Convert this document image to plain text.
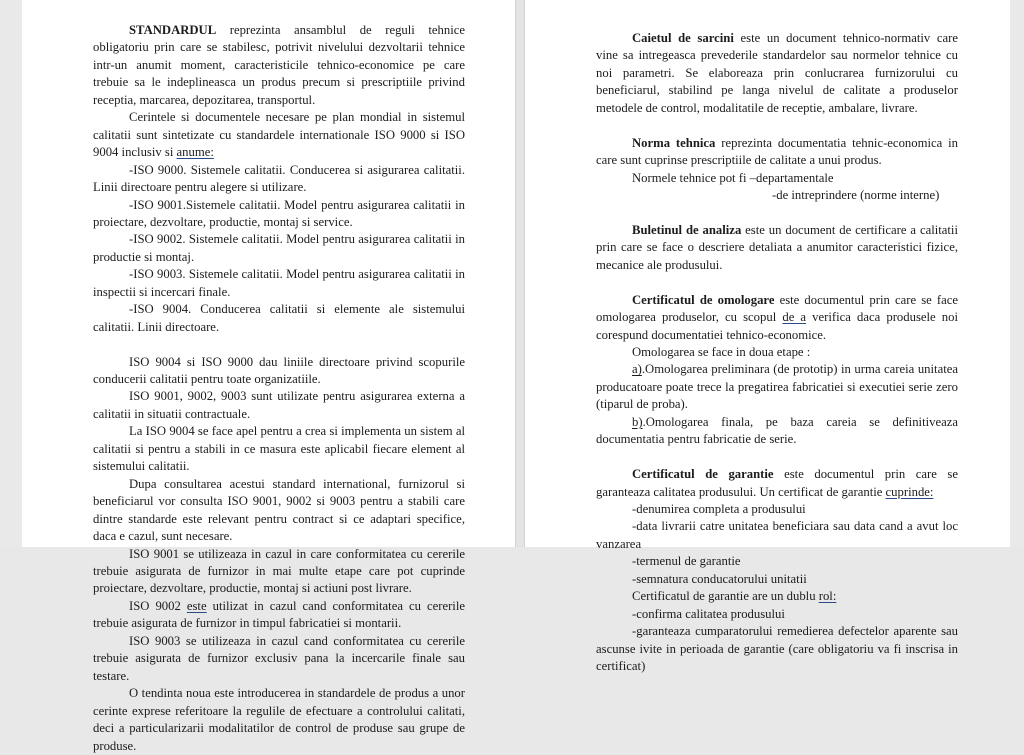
STANDARDUL reprezinta ansamblul de reguli tehnice obligatoriu prin care se stabilesc, potrivit nivelului dezvoltarii tehnice intr-un anumit moment, caracteristicile tehnico-economice pe care trebuie sa le indeplineasca un produs precum si prescriptiile privind receptia, marcarea, depozitarea, transportul.

Cerintele si documentele necesare pe plan mondial in sistemul calitatii sunt sintetizate cu standardele internationale ISO 9000 si ISO 9004 inclusiv si anume:

-ISO 9000. Sistemele calitatii. Conducerea si asigurarea calitatii. Linii directoare pentru alegere si utilizare.

-ISO 9001.Sistemele calitatii. Model pentru asigurarea calitatii in proiectare, dezvoltare, productie, montaj si service.

-ISO 9002. Sistemele calitatii. Model pentru asigurarea calitatii in productie si montaj.

-ISO 9003. Sistemele calitatii. Model pentru asigurarea calitatii in inspectii si incercari finale.

-ISO 9004. Conducerea calitatii si elemente ale sistemului calitatii. Linii directoare.

ISO 9004 si ISO 9000 dau liniile directoare privind scopurile conducerii calitatii pentru toate organizatiile.

ISO 9001, 9002, 9003 sunt utilizate pentru asigurarea externa a calitatii in situatii contractuale.

La ISO 9004 se face apel pentru a crea si implementa un sistem al calitatii si pentru a stabili in ce masura este aplicabil fiecare element al sistemului calitatii.

Dupa consultarea acestui standard international, furnizorul si beneficiarul vor consulta ISO 9001, 9002 si 9003 pentru a stabili care dintre standarde este relevant pentru contract si ce adaptari specifice, daca e cazul, sunt necesare.

ISO 9001 se utilizeaza in cazul in care conformitatea cu cererile trebuie asigurata de furnizor in mai multe etape care pot cuprinde proiectare, dezvoltare, productie, montaj si actiuni post livrare.

ISO 9002 este utilizat in cazul cand conformitatea cu cererile trebuie asigurata de furnizor in timpul fabricatiei si montarii.

ISO 9003 se utilizeaza in cazul cand conformitatea cu cererile trebuie asigurata de furnizor exclusiv pana la incercarile finale sau testare.

O tendinta noua este introducerea in standardele de produs a unor cerinte exprese referitoare la regulile de efectuare a controlului calitati, deci a particularizarii modalitatilor de control de produse sau grupe de produse.

Caietul de sarcini este un document tehnico-normativ care vine sa intregeasca prevederile standardelor sau normelor tehnice cu noi parametri. Se elaboreaza prin conlucrarea furnizorului cu beneficiarul, stabilind pe langa nivelul de calitate a produselor metodele de control, modalitatile de receptie, ambalare, livrare.

Norma tehnica reprezinta documentatia tehnic-economica in care sunt cuprinse prescriptiile de calitate a unui produs.

Normele tehnice pot fi –departamentale

-de intreprindere (norme interne)

Buletinul de analiza este un document de certificare a calitatii prin care se face o descriere detaliata a anumitor caracteristici fizice, mecanice ale produsului.

Certificatul de omologare este documentul prin care se face omologarea produselor, cu scopul de a verifica daca produsele noi corespund documentatiei tehnico-economice.

Omologarea se face in doua etape :

a).Omologarea preliminara (de prototip) in urma careia unitatea producatoare poate trece la pregatirea fabricatiei si executiei serie zero (tiparul de proba).

b).Omologarea finala, pe baza careia se definitiveaza documentatia pentru fabricatie de serie.

Certificatul de garantie este documentul prin care se garanteaza calitatea produsului. Un certificat de garantie cuprinde:

-denumirea completa a produsului

-data livrarii catre unitatea beneficiara sau data cand a avut loc vanzarea

-termenul de garantie

-semnatura conducatorului unitatii

Certificatul de garantie are un dublu rol:

-confirma calitatea produsului

-garanteaza cumparatorului remedierea defectelor aparente sau ascunse ivite in perioada de garantie (care obligatoriu va fi inscrisa in certificat)
